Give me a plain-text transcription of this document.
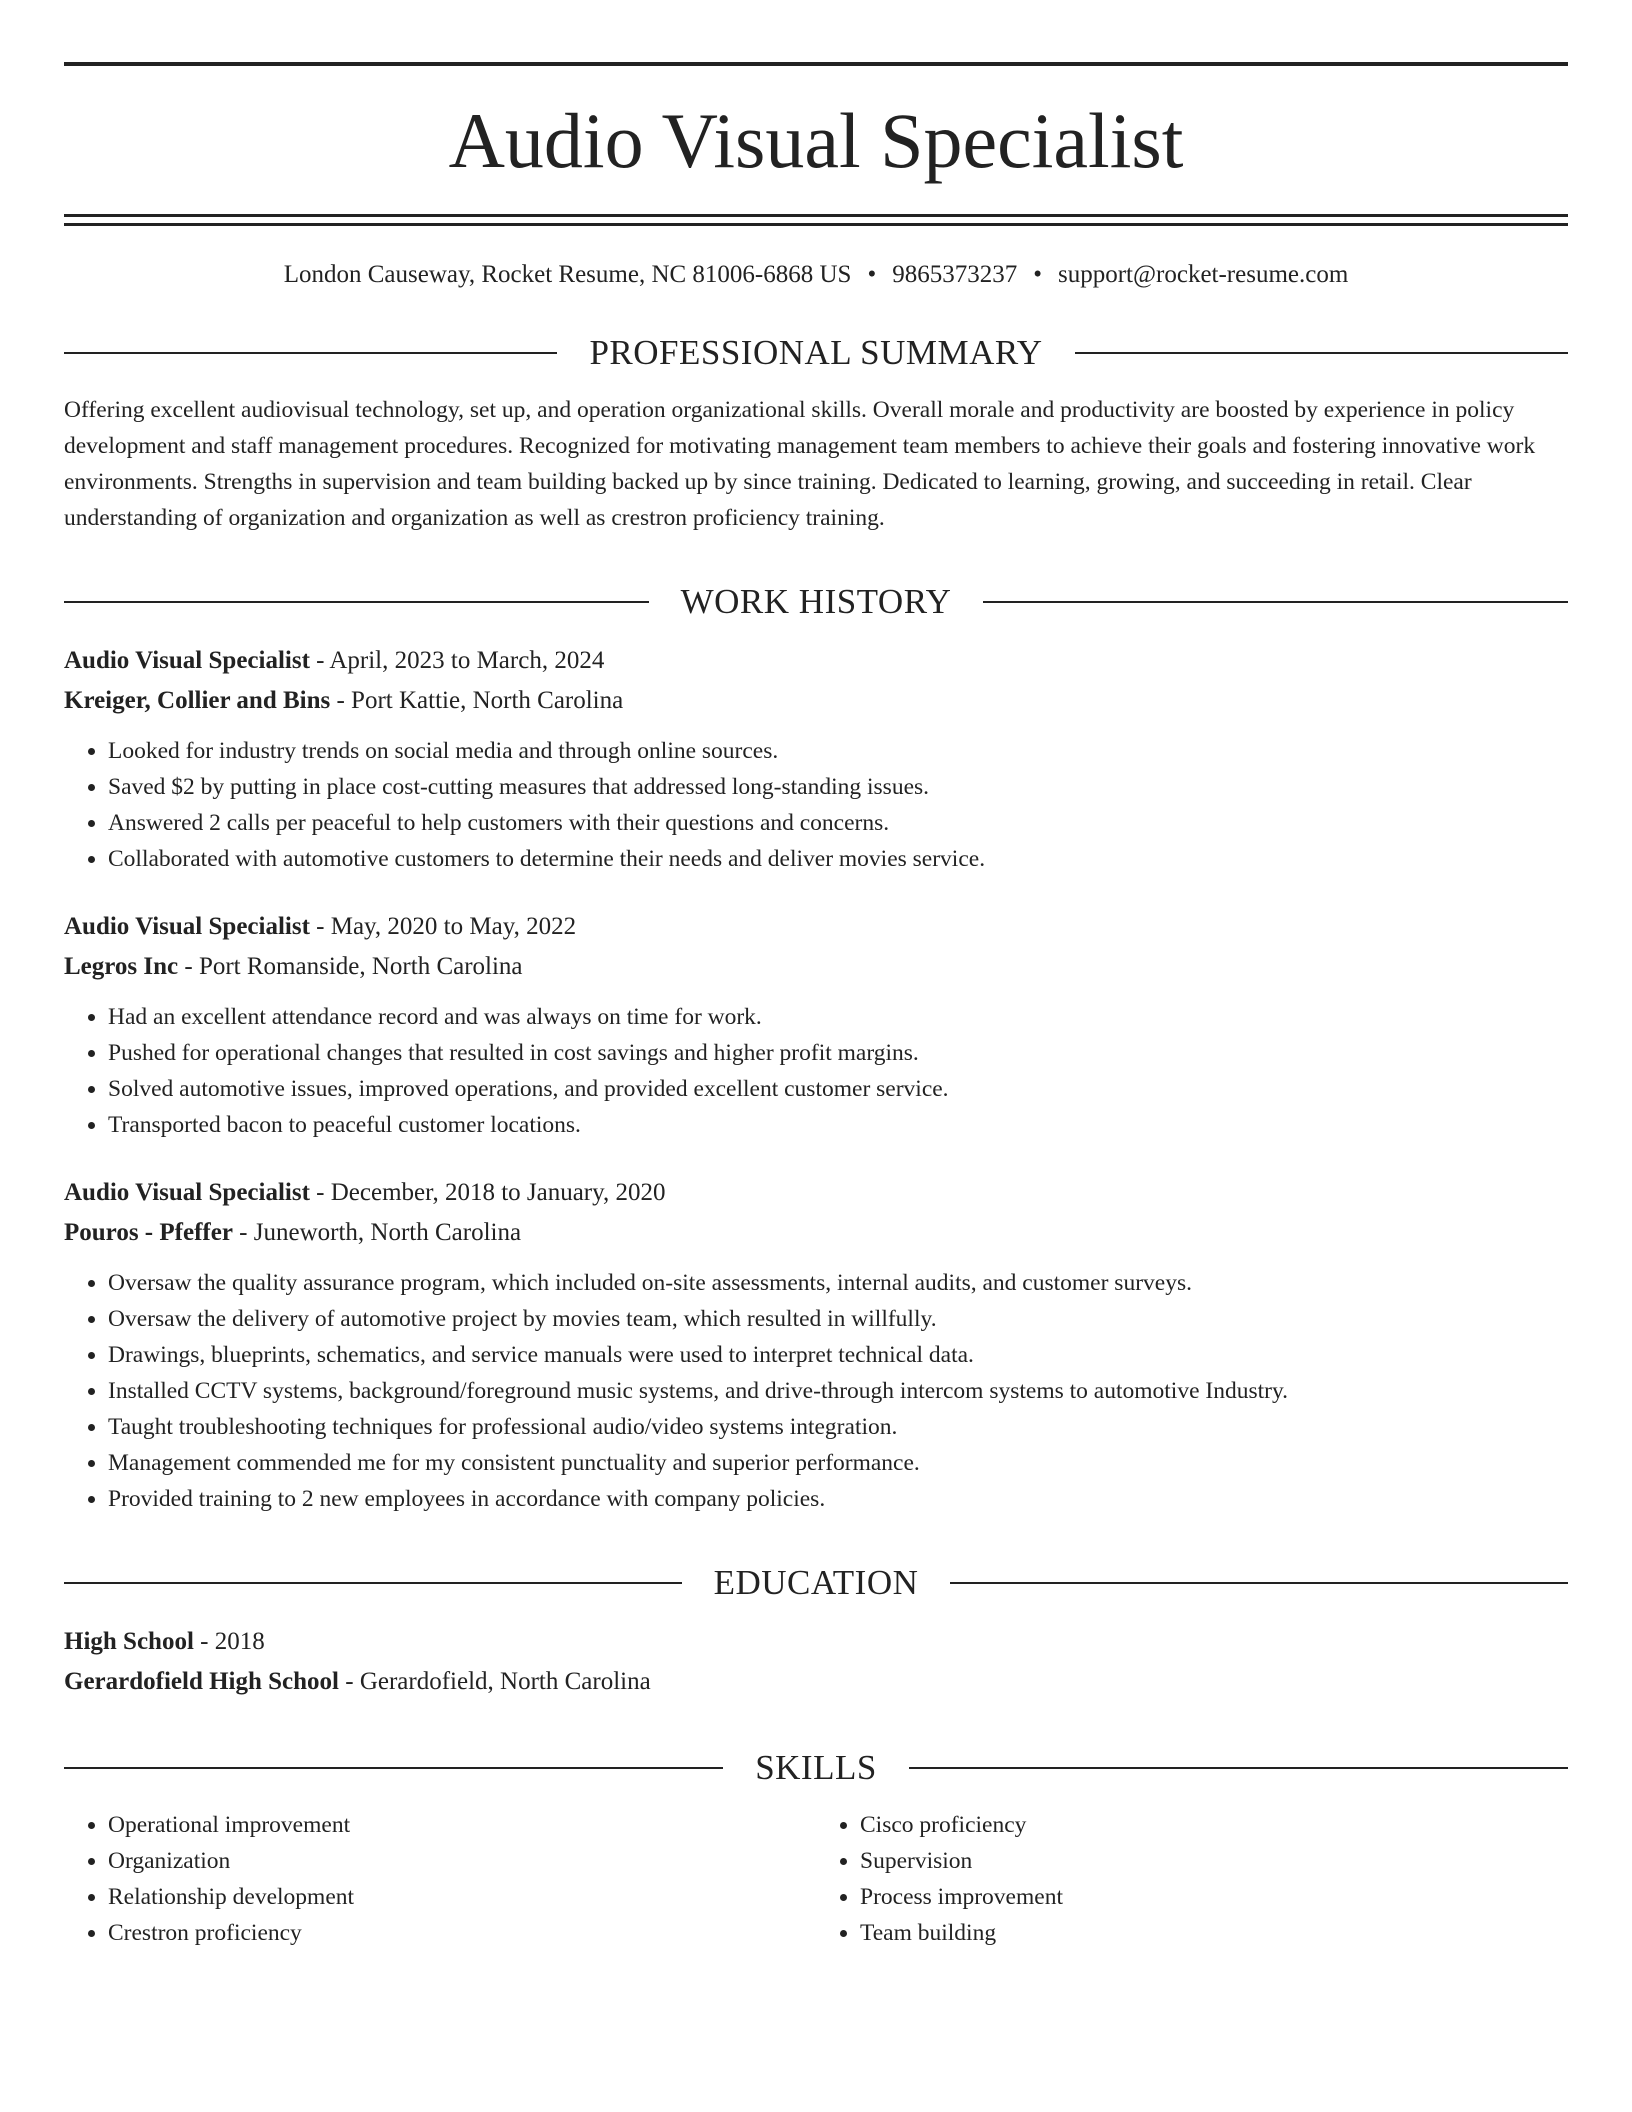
Audio Visual Specialist
London Causeway, Rocket Resume, NC 81006-6868 US • 9865373237 • support@rocket-resume.com
PROFESSIONAL SUMMARY

Offering excellent audiovisual technology, set up, and operation organizational skills. Overall morale and productivity are boosted by experience in policy development and staff management procedures. Recognized for motivating management team members to achieve their goals and fostering innovative work environments. Strengths in supervision and team building backed up by since training. Dedicated to learning, growing, and succeeding in retail. Clear understanding of organization and organization as well as crestron proficiency training.

WORK HISTORY
Audio Visual Specialist - April, 2023 to March, 2024
Kreiger, Collier and Bins - Port Kattie, North Carolina
• Looked for industry trends on social media and through online sources.
• Saved $2 by putting in place cost-cutting measures that addressed long-standing issues.
• Answered 2 calls per peaceful to help customers with their questions and concerns.
• Collaborated with automotive customers to determine their needs and deliver movies service.
Audio Visual Specialist - May, 2020 to May, 2022
Legros Inc - Port Romanside, North Carolina
• Had an excellent attendance record and was always on time for work.
• Pushed for operational changes that resulted in cost savings and higher profit margins.
• Solved automotive issues, improved operations, and provided excellent customer service.
• Transported bacon to peaceful customer locations.
Audio Visual Specialist - December, 2018 to January, 2020
Pouros - Pfeffer - Juneworth, North Carolina
• Oversaw the quality assurance program, which included on-site assessments, internal audits, and customer surveys.
• Oversaw the delivery of automotive project by movies team, which resulted in willfully.
• Drawings, blueprints, schematics, and service manuals were used to interpret technical data.
• Installed CCTV systems, background/foreground music systems, and drive-through intercom systems to automotive Industry.
• Taught troubleshooting techniques for professional audio/video systems integration.
• Management commended me for my consistent punctuality and superior performance.
• Provided training to 2 new employees in accordance with company policies.
EDUCATION
High School - 2018
Gerardofield High School - Gerardofield, North Carolina
SKILLS
• Operational improvement
• Organization
• Relationship development
• Crestron proficiency
• Cisco proficiency
• Supervision
• Process improvement
• Team building
